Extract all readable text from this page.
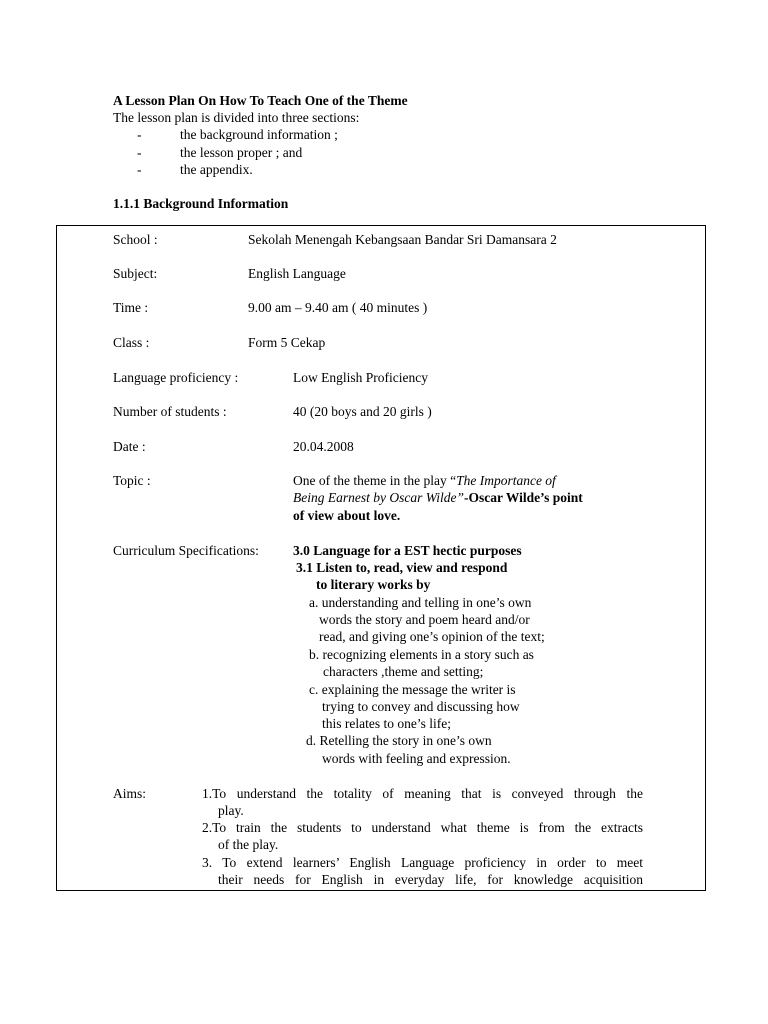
A Lesson Plan On How To Teach One of the Theme
The lesson plan is divided into three sections:
-	the background information ;
-	the lesson proper ; and
-	the appendix.
1.1.1 Background Information
School :	Sekolah Menengah Kebangsaan Bandar Sri Damansara 2
Subject:	English Language
Time :	9.00 am – 9.40 am ( 40 minutes )
Class :	Form 5 Cekap
Language proficiency :	Low English Proficiency
Number of students :	40 (20 boys and 20 girls )
Date :	20.04.2008
Topic :	One of the theme in the play “The Importance of
Being Earnest by Oscar Wilde”-Oscar Wilde’s point
of view about love.
Curriculum Specifications:	3.0 Language for a EST hectic purposes
3.1 Listen to, read, view and respond
to literary works by
a. understanding and telling in one’s own
words the story and poem heard and/or
read, and giving one’s opinion of the text;
b. recognizing elements in a story such as
characters ,theme and setting;
c. explaining the message the writer is
trying to convey and discussing how
this relates to one’s life;
d. Retelling the story in one’s own
words with feeling and expression.
Aims:	1.To understand the totality of meaning that is conveyed through the
play.
2.To train the students to understand what theme is from the extracts
of the play.
3. To extend learners’ English Language proficiency in order to meet
their needs for English in everyday life, for knowledge acquisition
